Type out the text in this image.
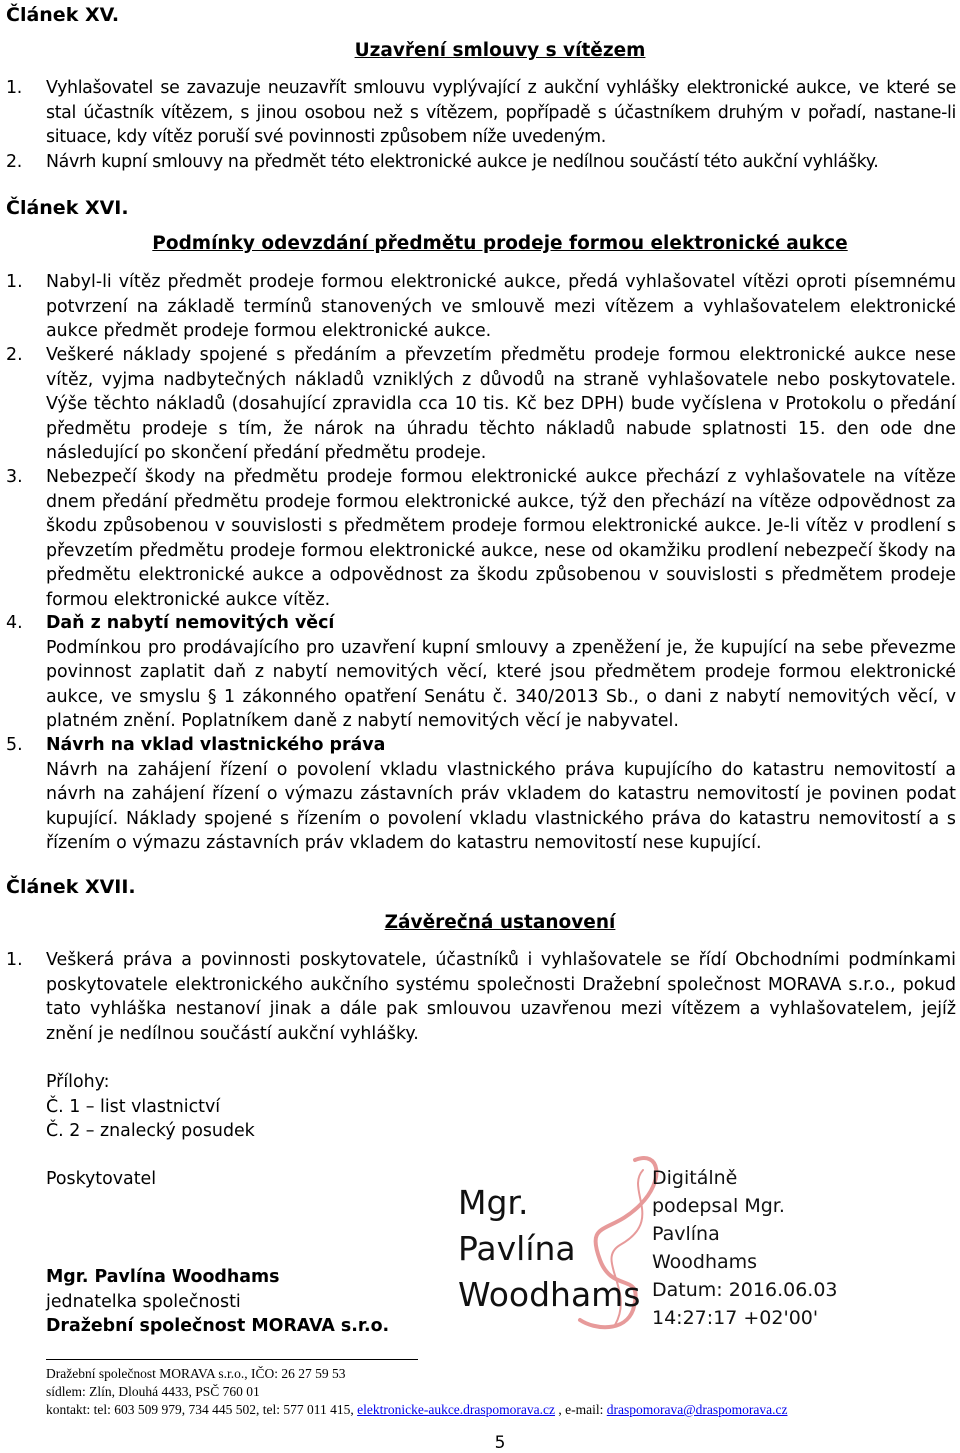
Článek XV.
Uzavření smlouvy s vítězem
1. Vyhlašovatel se zavazuje neuzavřít smlouvu vyplývající z aukční vyhlášky elektronické aukce, ve které se stal účastník vítězem, s jinou osobou než s vítězem, popřípadě s účastníkem druhým v pořadí, nastane-li situace, kdy vítěz poruší své povinnosti způsobem níže uvedeným.

2. Návrh kupní smlouvy na předmět této elektronické aukce je nedílnou součástí této aukční vyhlášky.

Článek XVI.
Podmínky odevzdání předmětu prodeje formou elektronické aukce
1. Nabyl-li vítěz předmět prodeje formou elektronické aukce, předá vyhlašovatel vítězi oproti písemnému potvrzení na základě termínů stanovených ve smlouvě mezi vítězem a vyhlašovatelem elektronické aukce předmět prodeje formou elektronické aukce.

2. Veškeré náklady spojené s předáním a převzetím předmětu prodeje formou elektronické aukce nese vítěz, vyjma nadbytečných nákladů vzniklých z důvodů na straně vyhlašovatele nebo poskytovatele. Výše těchto nákladů (dosahující zpravidla cca 10 tis. Kč bez DPH) bude vyčíslena v Protokolu o předání předmětu prodeje s tím, že nárok na úhradu těchto nákladů nabude splatnosti 15. den ode dne následující po skončení předání předmětu prodeje.

3. Nebezpečí škody na předmětu prodeje formou elektronické aukce přechází z vyhlašovatele na vítěze dnem předání předmětu prodeje formou elektronické aukce, týž den přechází na vítěze odpovědnost za škodu způsobenou v souvislosti s předmětem prodeje formou elektronické aukce. Je-li vítěz v prodlení s převzetím předmětu prodeje formou elektronické aukce, nese od okamžiku prodlení nebezpečí škody na předmětu elektronické aukce a odpovědnost za škodu způsobenou v souvislosti s předmětem prodeje formou elektronické aukce vítěz.

4. Daň z nabytí nemovitých věcí

Podmínkou pro prodávajícího pro uzavření kupní smlouvy a zpeněžení je, že kupující na sebe převezme povinnost zaplatit daň z nabytí nemovitých věcí, které jsou předmětem prodeje formou elektronické aukce, ve smyslu § 1 zákonného opatření Senátu č. 340/2013 Sb., o dani z nabytí nemovitých věcí, v platném znění. Poplatníkem daně z nabytí nemovitých věcí je nabyvatel.

5. Návrh na vklad vlastnického práva

Návrh na zahájení řízení o povolení vkladu vlastnického práva kupujícího do katastru nemovitostí a návrh na zahájení řízení o výmazu zástavních práv vkladem do katastru nemovitostí je povinen podat kupující. Náklady spojené s řízením o povolení vkladu vlastnického práva do katastru nemovitostí a s řízením o výmazu zástavních práv vkladem do katastru nemovitostí nese kupující.

Článek XVII.
Závěrečná ustanovení
1. Veškerá práva a povinnosti poskytovatele, účastníků i vyhlašovatele se řídí Obchodními podmínkami poskytovatele elektronického aukčního systému společnosti Dražební společnost MORAVA s.r.o., pokud tato vyhláška nestanoví jinak a dále pak smlouvou uzavřenou mezi vítězem a vyhlašovatelem, jejíž znění je nedílnou součástí aukční vyhlášky.

Přílohy:
Č. 1 – list vlastnictví
Č. 2 – znalecký posudek
Poskytovatel
Mgr. Pavlína Woodhams
jednatelka společnosti
Dražební společnost MORAVA s.r.o.
Mgr.
Pavlína
Woodhams
Digitálně
podepsal Mgr.
Pavlína
Woodhams
Datum: 2016.06.03
14:27:17 +02'00'
Dražební společnost MORAVA s.r.o., IČO: 26 27 59 53
sídlem: Zlín, Dlouhá 4433, PSČ 760 01
kontakt: tel: 603 509 979, 734 445 502, tel: 577 011 415, elektronicke-aukce.draspomorava.cz , e-mail: draspomorava@draspomorava.cz
5
